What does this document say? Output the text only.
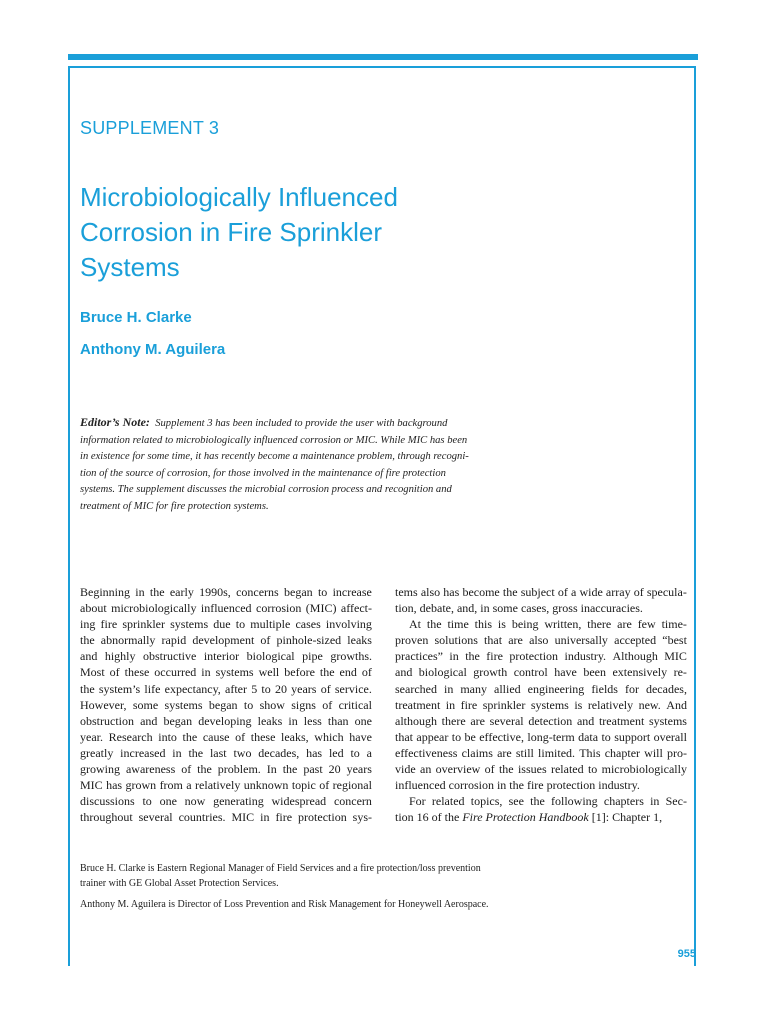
SUPPLEMENT 3
Microbiologically Influenced
Corrosion in Fire Sprinkler
Systems
Bruce H. Clarke
Anthony M. Aguilera
Editor’s Note: Supplement 3 has been included to provide the user with background
information related to microbiologically influenced corrosion or MIC. While MIC has been
in existence for some time, it has recently become a maintenance problem, through recogni-
tion of the source of corrosion, for those involved in the maintenance of fire protection
systems. The supplement discusses the microbial corrosion process and recognition and
treatment of MIC for fire protection systems.
Beginning in the early 1990s, concerns began to increase
about microbiologically influenced corrosion (MIC) affect-
ing fire sprinkler systems due to multiple cases involving
the abnormally rapid development of pinhole-sized leaks
and highly obstructive interior biological pipe growths.
Most of these occurred in systems well before the end of
the system’s life expectancy, after 5 to 20 years of service.
However, some systems began to show signs of critical
obstruction and began developing leaks in less than one
year. Research into the cause of these leaks, which have
greatly increased in the last two decades, has led to a
growing awareness of the problem. In the past 20 years
MIC has grown from a relatively unknown topic of regional
discussions to one now generating widespread concern
throughout several countries. MIC in fire protection sys-
tems also has become the subject of a wide array of specula-
tion, debate, and, in some cases, gross inaccuracies.
At the time this is being written, there are few time-
proven solutions that are also universally accepted “best
practices” in the fire protection industry. Although MIC
and biological growth control have been extensively re-
searched in many allied engineering fields for decades,
treatment in fire sprinkler systems is relatively new. And
although there are several detection and treatment systems
that appear to be effective, long-term data to support overall
effectiveness claims are still limited. This chapter will pro-
vide an overview of the issues related to microbiologically
influenced corrosion in the fire protection industry.
For related topics, see the following chapters in Sec-
tion 16 of the Fire Protection Handbook [1]: Chapter 1,
Bruce H. Clarke is Eastern Regional Manager of Field Services and a fire protection/loss prevention
trainer with GE Global Asset Protection Services.
Anthony M. Aguilera is Director of Loss Prevention and Risk Management for Honeywell Aerospace.
955
